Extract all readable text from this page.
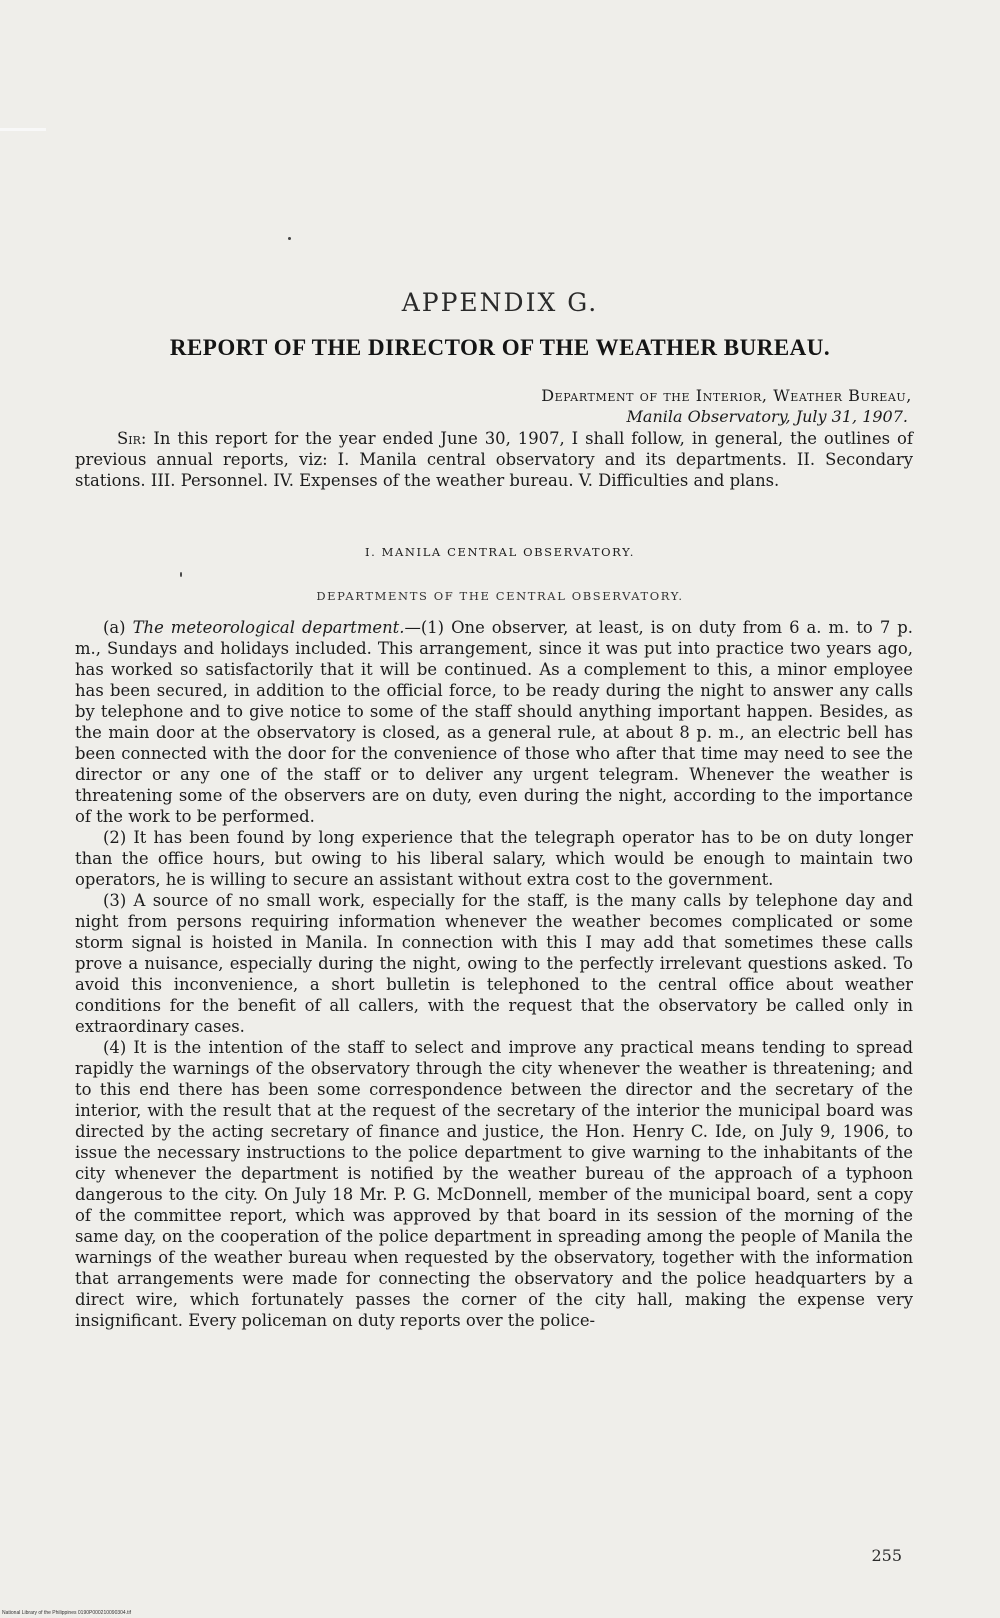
APPENDIX G.
REPORT OF THE DIRECTOR OF THE WEATHER BUREAU.
Department of the Interior, Weather Bureau,
Manila Observatory, July 31, 1907.

Sir: In this report for the year ended June 30, 1907, I shall follow, in general, the outlines of previous annual reports, viz: I. Manila central observatory and its departments. II. Secondary stations. III. Personnel. IV. Expenses of the weather bureau. V. Difficulties and plans.

I. MANILA CENTRAL OBSERVATORY.
DEPARTMENTS OF THE CENTRAL OBSERVATORY.

(a) The meteorological department.—(1) One observer, at least, is on duty from 6 a. m. to 7 p. m., Sundays and holidays included. This arrangement, since it was put into practice two years ago, has worked so satisfactorily that it will be continued. As a complement to this, a minor employee has been secured, in addition to the official force, to be ready during the night to answer any calls by telephone and to give notice to some of the staff should anything important happen. Besides, as the main door at the observatory is closed, as a general rule, at about 8 p. m., an electric bell has been connected with the door for the convenience of those who after that time may need to see the director or any one of the staff or to deliver any urgent telegram. Whenever the weather is threatening some of the observers are on duty, even during the night, according to the importance of the work to be performed.

(2) It has been found by long experience that the telegraph operator has to be on duty longer than the office hours, but owing to his liberal salary, which would be enough to maintain two operators, he is willing to secure an assistant without extra cost to the government.

(3) A source of no small work, especially for the staff, is the many calls by telephone day and night from persons requiring information whenever the weather becomes complicated or some storm signal is hoisted in Manila. In connection with this I may add that sometimes these calls prove a nuisance, especially during the night, owing to the perfectly irrelevant questions asked. To avoid this inconvenience, a short bulletin is telephoned to the central office about weather conditions for the benefit of all callers, with the request that the observatory be called only in extraordinary cases.

(4) It is the intention of the staff to select and improve any practical means tending to spread rapidly the warnings of the observatory through the city whenever the weather is threatening; and to this end there has been some correspondence between the director and the secretary of the interior, with the result that at the request of the secretary of the interior the municipal board was directed by the acting secretary of finance and justice, the Hon. Henry C. Ide, on July 9, 1906, to issue the necessary instructions to the police department to give warning to the inhabitants of the city whenever the department is notified by the weather bureau of the approach of a typhoon dangerous to the city. On July 18 Mr. P. G. McDonnell, member of the municipal board, sent a copy of the committee report, which was approved by that board in its session of the morning of the same day, on the cooperation of the police department in spreading among the people of Manila the warnings of the weather bureau when requested by the observatory, together with the information that arrangements were made for connecting the observatory and the police headquarters by a direct wire, which fortunately passes the corner of the city hall, making the expense very insignificant. Every policeman on duty reports over the police-

255
National Library of the Philippines 0190P000210090304.tif
